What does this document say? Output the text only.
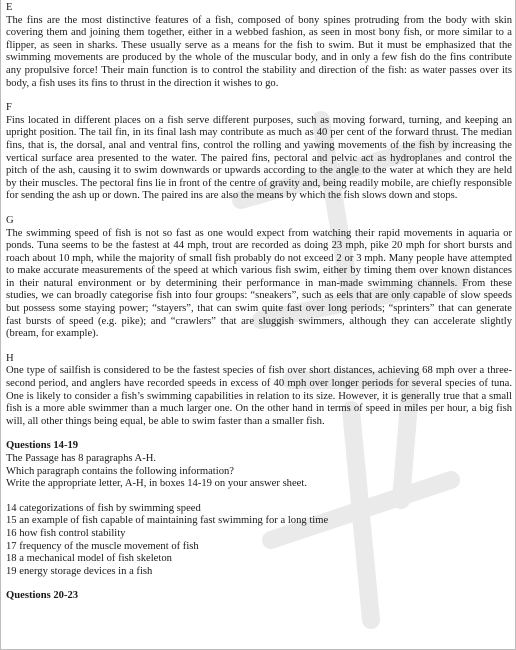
E

The fins are the most distinctive features of a fish, composed of bony spines protruding from the body with skin covering them and joining them together, either in a webbed fashion, as seen in most bony fish, or more similar to a flipper, as seen in sharks. These usually serve as a means for the fish to swim. But it must be emphasized that the swimming movements are produced by the whole of the muscular body, and in only a few fish do the fins contribute any propulsive force! Their main function is to control the stability and direction of the fish: as water passes over its body, a fish uses its fins to thrust in the direction it wishes to go.

F

Fins located in different places on a fish serve different purposes, such as moving forward, turning, and keeping an upright position. The tail fin, in its final lash may contribute as much as 40 per cent of the forward thrust. The median fins, that is, the dorsal, anal and ventral fins, control the rolling and yawing movements of the fish by increasing the vertical surface area presented to the water. The paired fins, pectoral and pelvic act as hydroplanes and control the pitch of the ash, causing it to swim downwards or upwards according to the angle to the water at which they are held by their muscles. The pectoral fins lie in front of the centre of gravity and, being readily mobile, are chiefly responsible for sending the ash up or down. The paired ins are also the means by which the fish slows down and stops.

G

The swimming speed of fish is not so fast as one would expect from watching their rapid movements in aquaria or ponds. Tuna seems to be the fastest at 44 mph, trout are recorded as doing 23 mph, pike 20 mph for short bursts and roach about 10 mph, while the majority of small fish probably do not exceed 2 or 3 mph. Many people have attempted to make accurate measurements of the speed at which various fish swim, either by timing them over known distances in their natural environment or by determining their performance in man-made swimming channels. From these studies, we can broadly categorise fish into four groups: “sneakers”, such as eels that are only capable of slow speeds but possess some staying power; “stayers”, that can swim quite fast over long periods; “sprinters” that can generate fast bursts of speed (e.g. pike); and “crawlers” that are sluggish swimmers, although they can accelerate slightly (bream, for example).

H

One type of sailfish is considered to be the fastest species of fish over short distances, achieving 68 mph over a three-second period, and anglers have recorded speeds in excess of 40 mph over longer periods for several species of tuna. One is likely to consider a fish’s swimming capabilities in relation to its size. However, it is generally true that a small fish is a more able swimmer than a much larger one. On the other hand in terms of speed in miles per hour, a big fish will, all other things being equal, be able to swim faster than a smaller fish.

Questions 14-19

The Passage has 8 paragraphs A-H.

Which paragraph contains the following information?

Write the appropriate letter, A-H, in boxes 14-19 on your answer sheet.

14 categorizations of fish by swimming speed

15 an example of fish capable of maintaining fast swimming for a long time

16 how fish control stability

17 frequency of the muscle movement of fish

18 a mechanical model of fish skeleton

19 energy storage devices in a fish

Questions 20-23
